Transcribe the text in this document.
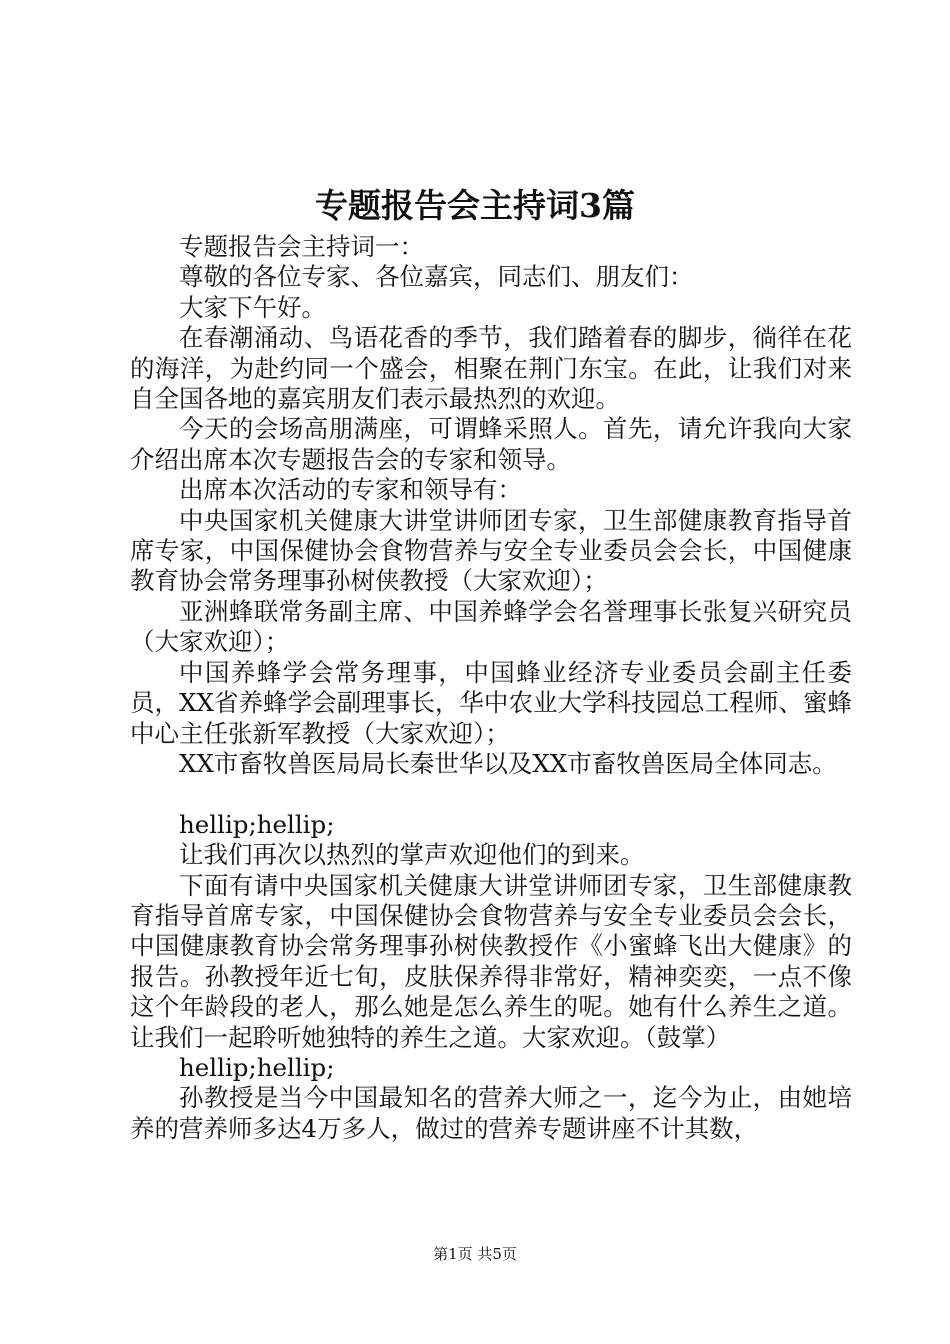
专题报告会主持词3篇

专题报告会主持词一：

尊敬的各位专家、各位嘉宾，同志们、朋友们：

大家下午好。

在春潮涌动、鸟语花香的季节，我们踏着春的脚步，徜徉在花的海洋，为赴约同一个盛会，相聚在荆门东宝。在此，让我们对来自全国各地的嘉宾朋友们表示最热烈的欢迎。

今天的会场高朋满座，可谓蜂采照人。首先，请允许我向大家介绍出席本次专题报告会的专家和领导。

出席本次活动的专家和领导有：

中央国家机关健康大讲堂讲师团专家，卫生部健康教育指导首席专家，中国保健协会食物营养与安全专业委员会会长，中国健康教育协会常务理事孙树侠教授（大家欢迎）；

亚洲蜂联常务副主席、中国养蜂学会名誉理事长张复兴研究员（大家欢迎）；

中国养蜂学会常务理事，中国蜂业经济专业委员会副主任委员，XX省养蜂学会副理事长，华中农业大学科技园总工程师、蜜蜂中心主任张新军教授（大家欢迎）；

XX市畜牧兽医局局长秦世华以及XX市畜牧兽医局全体同志。

hellip;hellip;

让我们再次以热烈的掌声欢迎他们的到来。

下面有请中央国家机关健康大讲堂讲师团专家，卫生部健康教育指导首席专家，中国保健协会食物营养与安全专业委员会会长，中国健康教育协会常务理事孙树侠教授作《小蜜蜂飞出大健康》的报告。孙教授年近七旬，皮肤保养得非常好，精神奕奕，一点不像这个年龄段的老人，那么她是怎么养生的呢。她有什么养生之道。让我们一起聆听她独特的养生之道。大家欢迎。（鼓掌）

hellip;hellip;

孙教授是当今中国最知名的营养大师之一，迄今为止，由她培养的营养师多达4万多人，做过的营养专题讲座不计其数，

第1页 共5页
